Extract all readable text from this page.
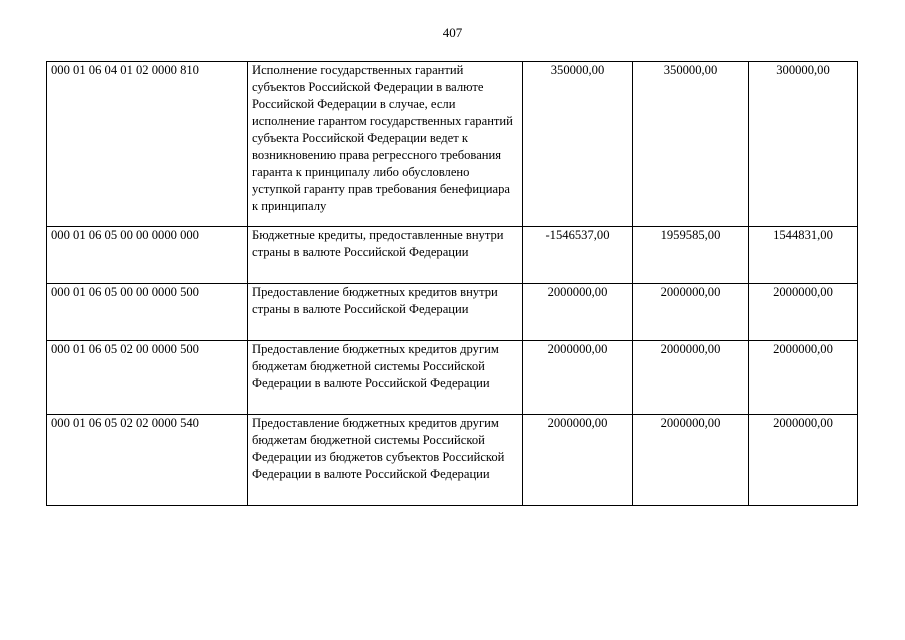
407
000 01 06 04 01 02 0000 810	Исполнение государственных гарантий субъектов Российской Федерации в валюте Российской Федерации в случае, если исполнение гарантом государственных гарантий субъекта Российской Федерации ведет к возникновению права регрессного требования гаранта к принципалу либо обусловлено уступкой гаранту прав требования бенефициара к принципалу	350000,00	350000,00	300000,00
000 01 06 05 00 00 0000 000	Бюджетные кредиты, предоставленные внутри страны в валюте Российской Федерации	-1546537,00	1959585,00	1544831,00
000 01 06 05 00 00 0000 500	Предоставление бюджетных кредитов внутри страны в валюте Российской Федерации	2000000,00	2000000,00	2000000,00
000 01 06 05 02 00 0000 500	Предоставление бюджетных кредитов другим бюджетам бюджетной системы Российской Федерации в валюте Российской Федерации	2000000,00	2000000,00	2000000,00
000 01 06 05 02 02 0000 540	Предоставление бюджетных кредитов другим бюджетам бюджетной системы Российской Федерации из бюджетов субъектов Российской Федерации в валюте Российской Федерации	2000000,00	2000000,00	2000000,00
